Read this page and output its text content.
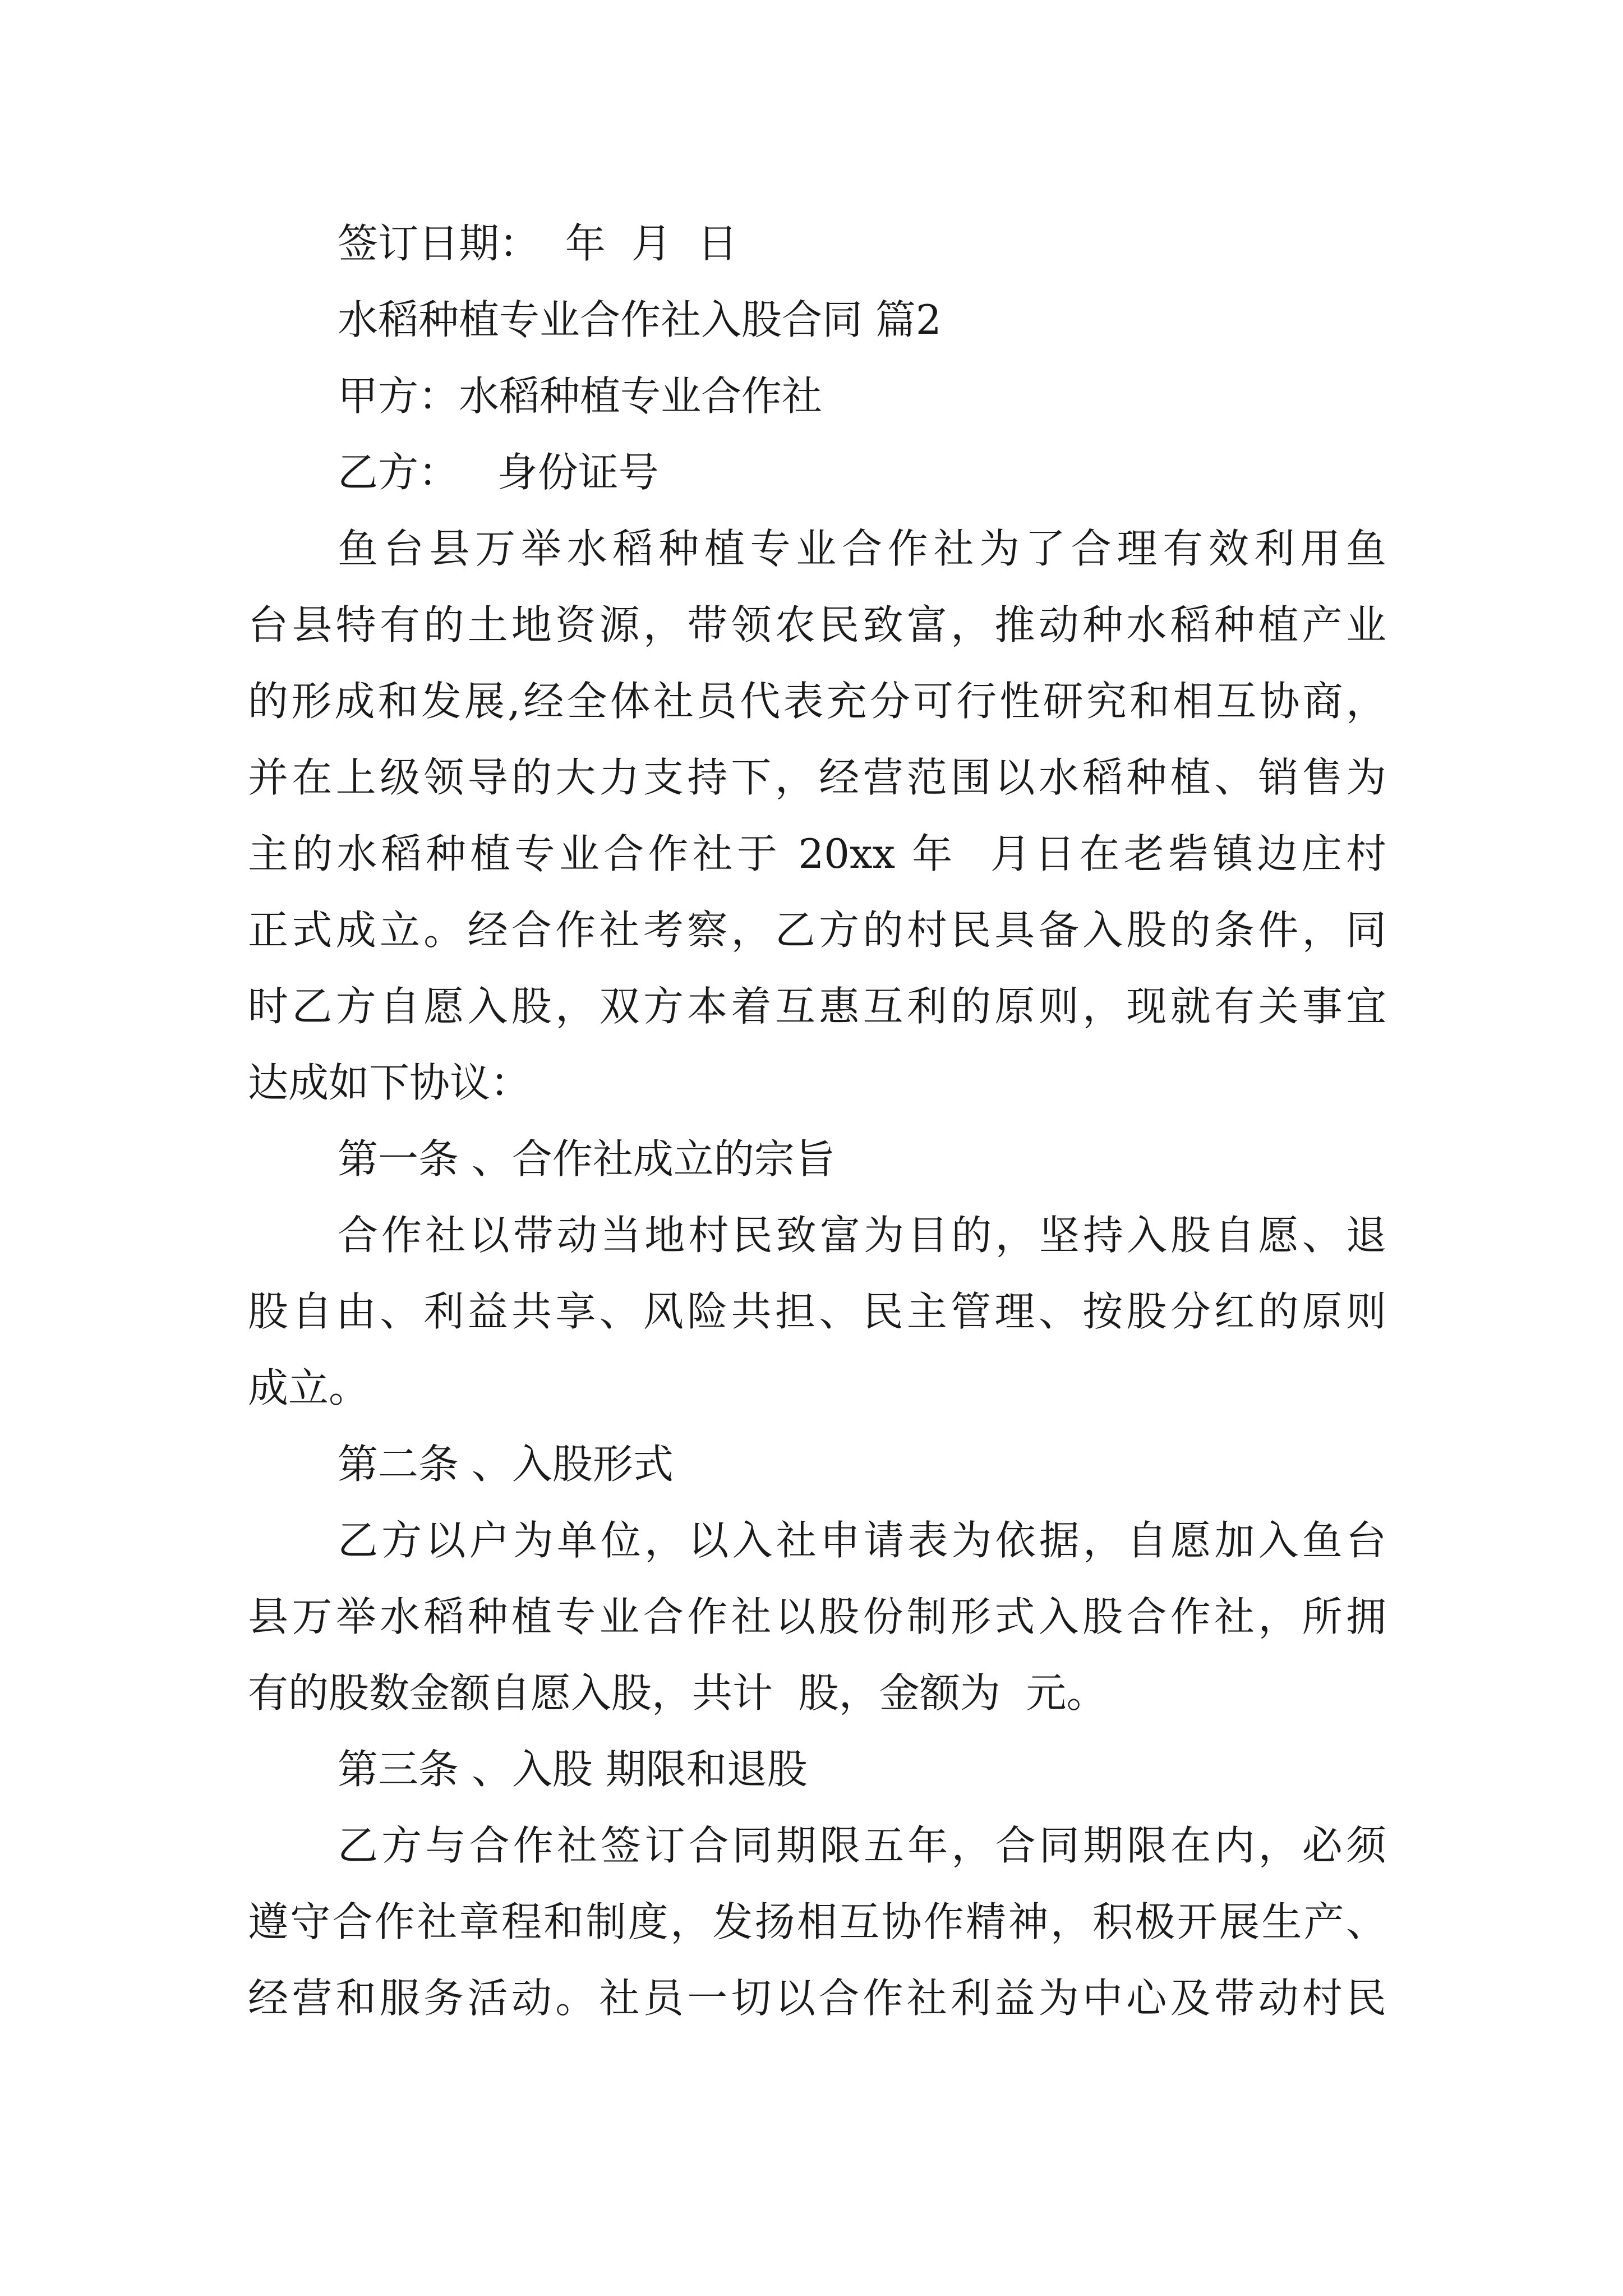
签订日期：  年  月  日
水稻种植专业合作社入股合同 篇2
甲方：水稻种植专业合作社
乙方：   身份证号
鱼台县万举水稻种植专业合作社为了合理有效利用鱼
台县特有的土地资源，带领农民致富，推动种水稻种植产业
的形成和发展,经全体社员代表充分可行性研究和相互协商，
并在上级领导的大力支持下，经营范围以水稻种植、销售为
主的水稻种植专业合作社于 20xx 年  月日在老砦镇边庄村
正式成立。经合作社考察，乙方的村民具备入股的条件，同
时乙方自愿入股，双方本着互惠互利的原则，现就有关事宜
达成如下协议：
第一条 、合作社成立的宗旨
合作社以带动当地村民致富为目的，坚持入股自愿、退
股自由、利益共享、风险共担、民主管理、按股分红的原则
成立。
第二条 、入股形式
乙方以户为单位，以入社申请表为依据，自愿加入鱼台
县万举水稻种植专业合作社以股份制形式入股合作社，所拥
有的股数金额自愿入股，共计  股，金额为  元。
第三条 、入股 期限和退股
乙方与合作社签订合同期限五年，合同期限在内，必须
遵守合作社章程和制度，发扬相互协作精神，积极开展生产、
经营和服务活动。社员一切以合作社利益为中心及带动村民
